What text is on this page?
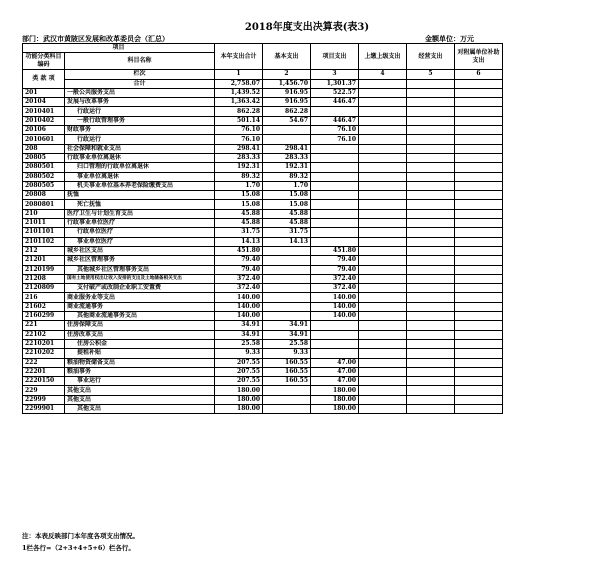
2018年度支出决算表(表3)
部门：武汉市黄陂区发展和改革委员会（汇总）	金额单位：万元
项目		本年支出合计	基本支出	项目支出	上缴上级支出	经营支出	对附属单位补助支出	
功能分类科目编码	科目名称							

类 款 项	栏次	1	2	3	4	5	6	
	合计	2,758.07	1,456.70	1,301.37				
201	一般公共服务支出	1,439.52	916.95	522.57				
20104	发展与改革事务	1,363.42	916.95	446.47				
2010401	行政运行	862.28	862.28					
2010402	一般行政管理事务	501.14	54.67	446.47				
20106	财政事务	76.10		76.10				
2010601	行政运行	76.10		76.10				
208	社会保障和就业支出	298.41	298.41					
20805	行政事业单位离退休	283.33	283.33					
2080501	归口管理的行政单位离退休	192.31	192.31					
2080502	事业单位离退休	89.32	89.32					
2080505	机关事业单位基本养老保险缴费支出	1.70	1.70					
20808	抚恤	15.08	15.08					
2080801	死亡抚恤	15.08	15.08					
210	医疗卫生与计划生育支出	45.88	45.88					
21011	行政事业单位医疗	45.88	45.88					
2101101	行政单位医疗	31.75	31.75					
2101102	事业单位医疗	14.13	14.13					
212	城乡社区支出	451.80		451.80				
21201	城乡社区管理事务	79.40		79.40				
2120199	其他城乡社区管理事务支出	79.40		79.40				
21208	国有土地使用权出让收入安排的支出及土地储备相关支出	372.40		372.40				
2120809	支付破产或改制企业职工安置费	372.40		372.40				
216	商业服务业等支出	140.00		140.00				
21602	商业流通事务	140.00		140.00				
2160299	其他商业流通事务支出	140.00		140.00				
221	住房保障支出	34.91	34.91					
22102	住房改革支出	34.91	34.91					
2210201	住房公积金	25.58	25.58					
2210202	提租补贴	9.33	9.33					
222	粮油物资储备支出	207.55	160.55	47.00				
22201	粮油事务	207.55	160.55	47.00				
2220150	事业运行	207.55	160.55	47.00				
229	其他支出	180.00		180.00				
22999	其他支出	180.00		180.00				
2299901	其他支出	180.00		180.00				
注：本表反映部门本年度各项支出情况。
1栏各行=（2+3+4+5+6）栏各行。
